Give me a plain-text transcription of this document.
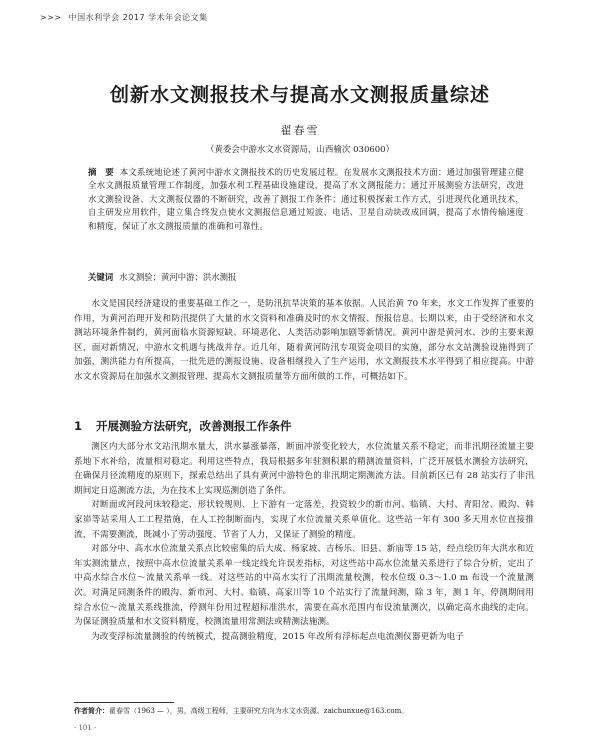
>>> 中国水利学会 2017 学术年会论文集
创新水文测报技术与提高水文测报质量综述
翟春雪
（黄委会中游水文水资源局，山西榆次 030600）
摘　要 本文系统地论述了黄河中游水文测报技术的历史发展过程。在发展水文测报技术方面：通过加强管理建立健全水文测报质量管理工作制度，加强水利工程基础设施建设，提高了水文测报能力；通过开展测验方法研究，改进水文测验设备、大文测报仪器的不断研究，改善了测报工作条件；通过积极探索工作方式，引进现代化通讯技术，自主研发应用软件，建立集合终发点使水文测报信息通过短波、电话、卫星自动块改成回调，提高了水情传输速度和精度，保证了水文测报质量的准确和可靠性。
关键词 水文测验；黄河中游；洪水测报

水文是国民经济建设的重要基础工作之一，是防汛抗旱决策的基本依据。人民治黄 70 年来，水文工作发挥了重要的作用，为黄河治理开发和防汛提供了大量的水文资料和准确及时的水文情报、预报信息。长期以来，由于受经济和水文测站环境条件制约，黄河面临水资源短缺、环境恶化、人类活动影响加剧等新情况。黄河中游是黄河水、沙的主要来源区，面对新情况，中游水文机遇与挑战并存。近几年，随着黄河防汛专项资金项目的实施，部分水文站测验设施得到了加强，测洪能力有所提高，一批先进的测报设施、设备相继投入了生产运用，水文测报技术水平得到了相应提高。中游水文水资源局在加强水文测报管理、提高水文测报质量等方面所做的工作，可概括如下。

1 开展测验方法研究，改善测报工作条件

测区内大部分水文站汛期水量大，洪水暴涨暴落，断面冲淤变化较大，水位流量关系不稳定，而非汛期径流量主要系地下水补给，流量相对稳定。利用这些特点，我局根据多年驻测积累的精测流量资料，广泛开展低水测验方法研究，在确保月径流精度的原则下，探索总结出了具有黄河中游特色的非汛期定期测流方法。目前新区已有 28 站实行了非汛期间定日巡测流方法，为在技术上实现巡测创造了条件。

对断面或河段河床较稳定、形状较规则、上下游有一定落差，投资较少的新市河、临镇、大村、青阳岔、殿沟、韩家峁等站采用人工工程措施，在人工控制断面内，实现了水位流量关系单值化。这些站一年有 300 多天用水位直接推流，不需要测流，既减小了劳动强度、节省了人力，又保证了测验的精度。

对部分中、高水水位流量关系点比较密集的后大成、杨家坡、吉杨乐、旧县、新庙等 15 站，经点绘历年大洪水和近年实测流量点，按照中高水位流量关系单一线定线允许误差指标，对这些站中高水位流量关系进行了综合分析，定出了中高水综合水位～流量关系单一线。对这些站的中高水实行了汛期流量校测，校水位级 0.3～1.0 m 布设一个流量测次。对满足同测条件的殿沟、新市河、大村、临镇、高家川等 10 个站实行了流量间测，除 3 年，测 1 年，停测期间用综合水位～流量关系线推流，停测年份用过程超标准洪水，需要在高水范围内布设流量测次，以确定高水曲线的走向。为保证测验质量和水文资料精度，校测流量用常测法或精测法施测。

为改变浮标流量测验的传统模式，提高测验精度，2015 年改所有浮标起点电流测仪器更新为电子

作者简介：翟春雪（1963 — ），男，高级工程师，主要研究方向为水文水资源。zaichunxue@163.com。
· 101 ·
